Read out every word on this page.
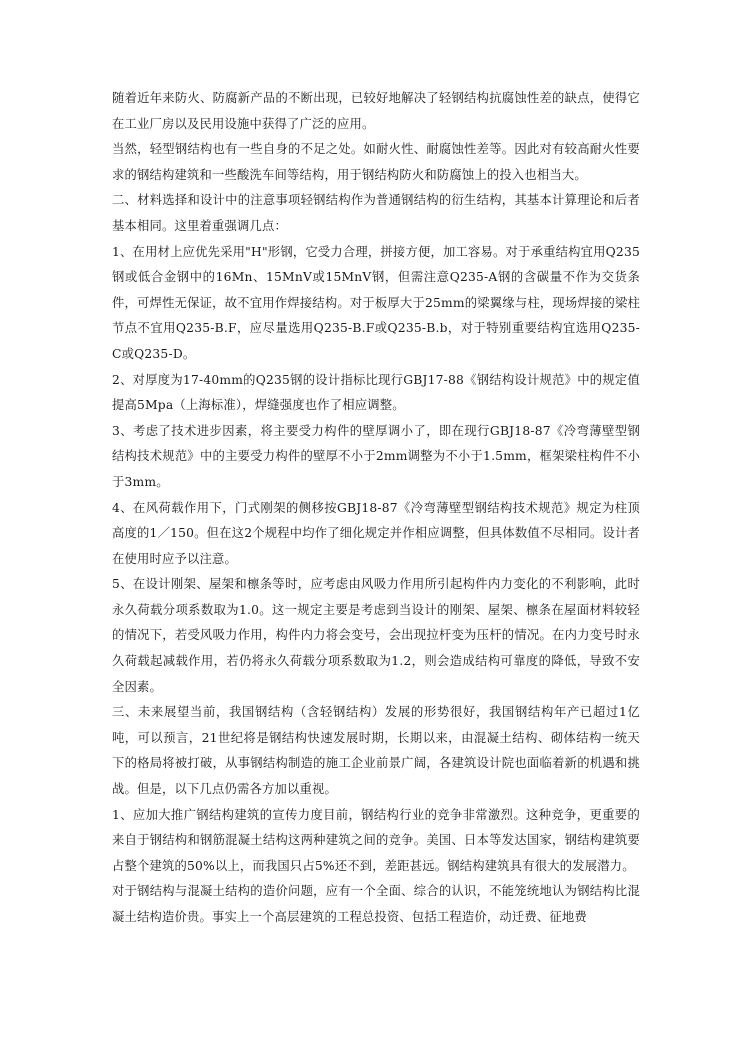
随着近年来防火、防腐新产品的不断出现，已较好地解决了轻钢结构抗腐蚀性差的缺点，使得它在工业厂房以及民用设施中获得了广泛的应用。

当然，轻型钢结构也有一些自身的不足之处。如耐火性、耐腐蚀性差等。因此对有较高耐火性要求的钢结构建筑和一些酸洗车间等结构，用于钢结构防火和防腐蚀上的投入也相当大。

二、材料选择和设计中的注意事项轻钢结构作为普通钢结构的衍生结构，其基本计算理论和后者基本相同。这里着重强调几点：

1、在用材上应优先采用"H"形钢，它受力合理，拼接方便，加工容易。对于承重结构宜用Q235钢或低合金钢中的16Mn、15MnV或15MnV钢，但需注意Q235-A钢的含碳量不作为交货条件，可焊性无保证，故不宜用作焊接结构。对于板厚大于25mm的梁翼缘与柱，现场焊接的梁柱节点不宜用Q235-B.F，应尽量选用Q235-B.F或Q235-B.b，对于特别重要结构宜选用Q235-C或Q235-D。

2、对厚度为17-40mm的Q235钢的设计指标比现行GBJ17-88《钢结构设计规范》中的规定值提高5Mpa（上海标准），焊缝强度也作了相应调整。

3、考虑了技术进步因素，将主要受力构件的壁厚调小了，即在现行GBJ18-87《冷弯薄壁型钢结构技术规范》中的主要受力构件的壁厚不小于2mm调整为不小于1.5mm，框架梁柱构件不小于3mm。

4、在风荷载作用下，门式刚架的侧移按GBJ18-87《冷弯薄壁型钢结构技术规范》规定为柱顶高度的1／150。但在这2个规程中均作了细化规定并作相应调整，但具体数值不尽相同。设计者在使用时应予以注意。

5、在设计刚架、屋架和檩条等时，应考虑由风吸力作用所引起构件内力变化的不利影响，此时永久荷载分项系数取为1.0。这一规定主要是考虑到当设计的刚架、屋架、檩条在屋面材料较轻的情况下，若受风吸力作用，构件内力将会变号，会出现拉杆变为压杆的情况。在内力变号时永久荷载起减载作用，若仍将永久荷载分项系数取为1.2，则会造成结构可靠度的降低，导致不安全因素。

三、未来展望当前，我国钢结构（含轻钢结构）发展的形势很好，我国钢结构年产已超过1亿吨，可以预言，21世纪将是钢结构快速发展时期，长期以来，由混凝土结构、砌体结构一统天下的格局将被打破，从事钢结构制造的施工企业前景广阔，各建筑设计院也面临着新的机遇和挑战。但是，以下几点仍需各方加以重视。

1、应加大推广钢结构建筑的宣传力度目前，钢结构行业的竞争非常激烈。这种竞争，更重要的来自于钢结构和钢筋混凝土结构这两种建筑之间的竞争。美国、日本等发达国家，钢结构建筑要占整个建筑的50%以上，而我国只占5%还不到，差距甚远。钢结构建筑具有很大的发展潜力。

对于钢结构与混凝土结构的造价问题，应有一个全面、综合的认识，不能笼统地认为钢结构比混凝土结构造价贵。事实上一个高层建筑的工程总投资、包括工程造价，动迁费、征地费
